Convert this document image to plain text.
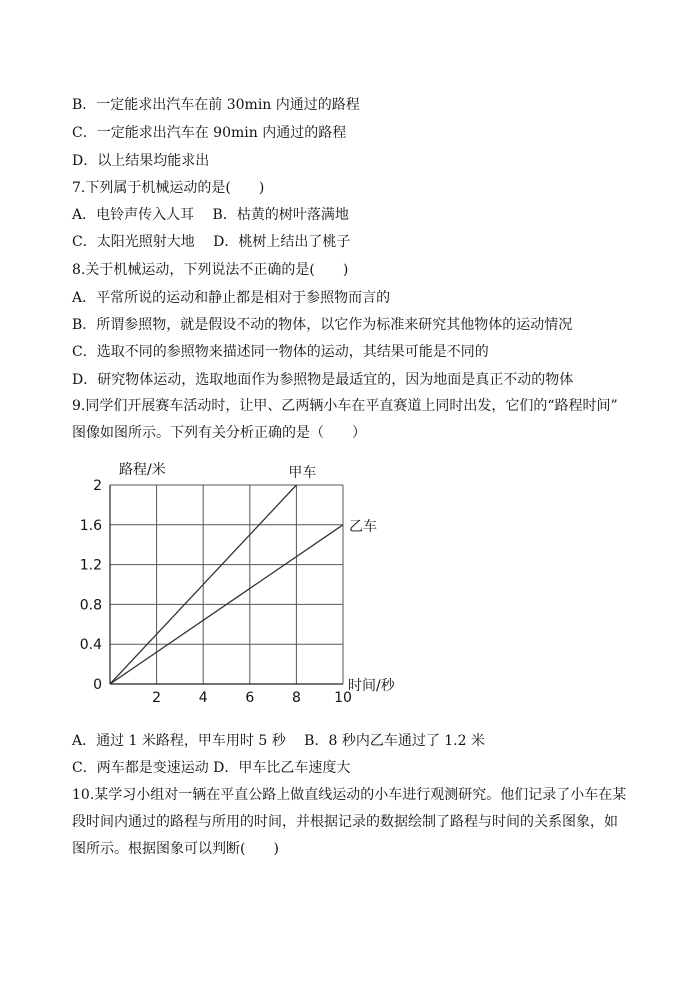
B．一定能求出汽车在前 30min 内通过的路程
C．一定能求出汽车在 90min 内通过的路程
D．以上结果均能求出
7.下列属于机械运动的是(　　)
A．电铃声传入人耳　 B．枯黄的树叶落满地
C．太阳光照射大地　 D．桃树上结出了桃子
8.关于机械运动，下列说法不正确的是(　　)
A．平常所说的运动和静止都是相对于参照物而言的
B．所谓参照物，就是假设不动的物体，以它作为标准来研究其他物体的运动情况
C．选取不同的参照物来描述同一物体的运动，其结果可能是不同的
D．研究物体运动，选取地面作为参照物是最适宜的，因为地面是真正不动的物体
9.同学们开展赛车活动时，让甲、乙两辆小车在平直赛道上同时出发，它们的“路程时间”
图像如图所示。下列有关分析正确的是（　　）
路程/米
时间/秒
2	4	6	8 10
0
0.4
0.8
1.2
1.6
2
甲车
乙车
A．通过 1 米路程，甲车用时 5 秒　 B．8 秒内乙车通过了 1.2 米
C．两车都是变速运动 D．甲车比乙车速度大
10.某学习小组对一辆在平直公路上做直线运动的小车进行观测研究。他们记录了小车在某
段时间内通过的路程与所用的时间，并根据记录的数据绘制了路程与时间的关系图象，如
图所示。根据图象可以判断(　　)
